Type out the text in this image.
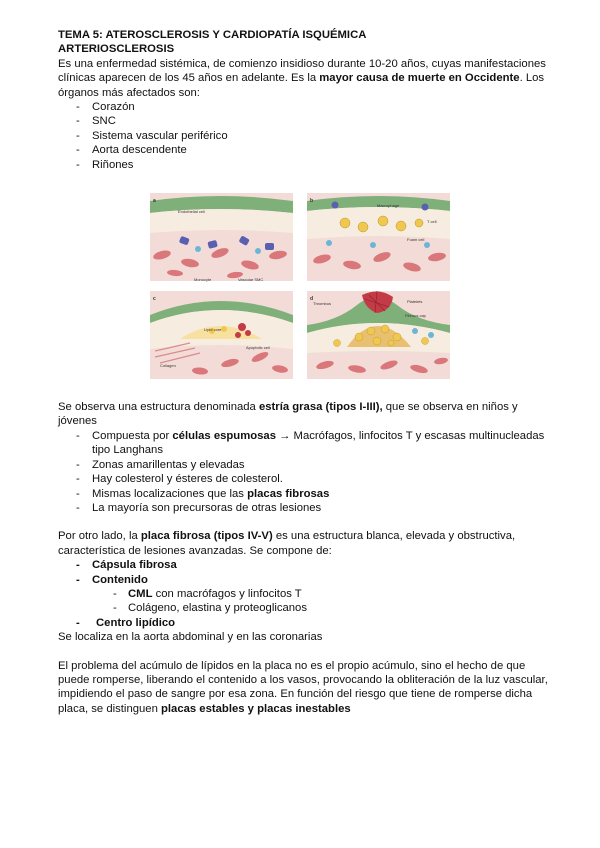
TEMA 5: ATEROSCLEROSIS Y CARDIOPATÍA ISQUÉMICA

ARTERIOSCLEROSIS

Es una enfermedad sistémica, de comienzo insidioso durante 10-20 años, cuyas manifestaciones clínicas aparecen de los 45 años en adelante. Es la mayor causa de muerte en Occidente. Los órganos más afectados son:

- Corazón
- SNC
- Sistema vascular periférico
- Aorta descendente
- Riñones
a
Endothelial cell
Monocyte	Vascular SMC
b
Macrophage
T cell
Foam cell
c
Collagen
Apoptotic cell
Lipid core
d	Platelets
Thrombus
Fibrous cap

Se observa una estructura denominada estría grasa (tipos I-III), que se observa en niños y jóvenes

- Compuesta por células espumosas → Macrófagos, linfocitos T y escasas multinucleadas tipo Langhans
- Zonas amarillentas y elevadas
- Hay colesterol y ésteres de colesterol.
- Mismas localizaciones que las placas fibrosas
- La mayoría son precursoras de otras lesiones

Por otro lado, la placa fibrosa (tipos IV-V) es una estructura blanca, elevada y obstructiva, característica de lesiones avanzadas. Se compone de:

- Cápsula fibrosa
- Contenido
- CML con macrófagos y linfocitos T
- Colágeno, elastina y proteoglicanos
- Centro lipídico

Se localiza en la aorta abdominal y en las coronarias

El problema del acúmulo de lípidos en la placa no es el propio acúmulo, sino el hecho de que puede romperse, liberando el contenido a los vasos, provocando la obliteración de la luz vascular, impidiendo el paso de sangre por esa zona. En función del riesgo que tiene de romperse dicha placa, se distinguen placas estables y placas inestables
